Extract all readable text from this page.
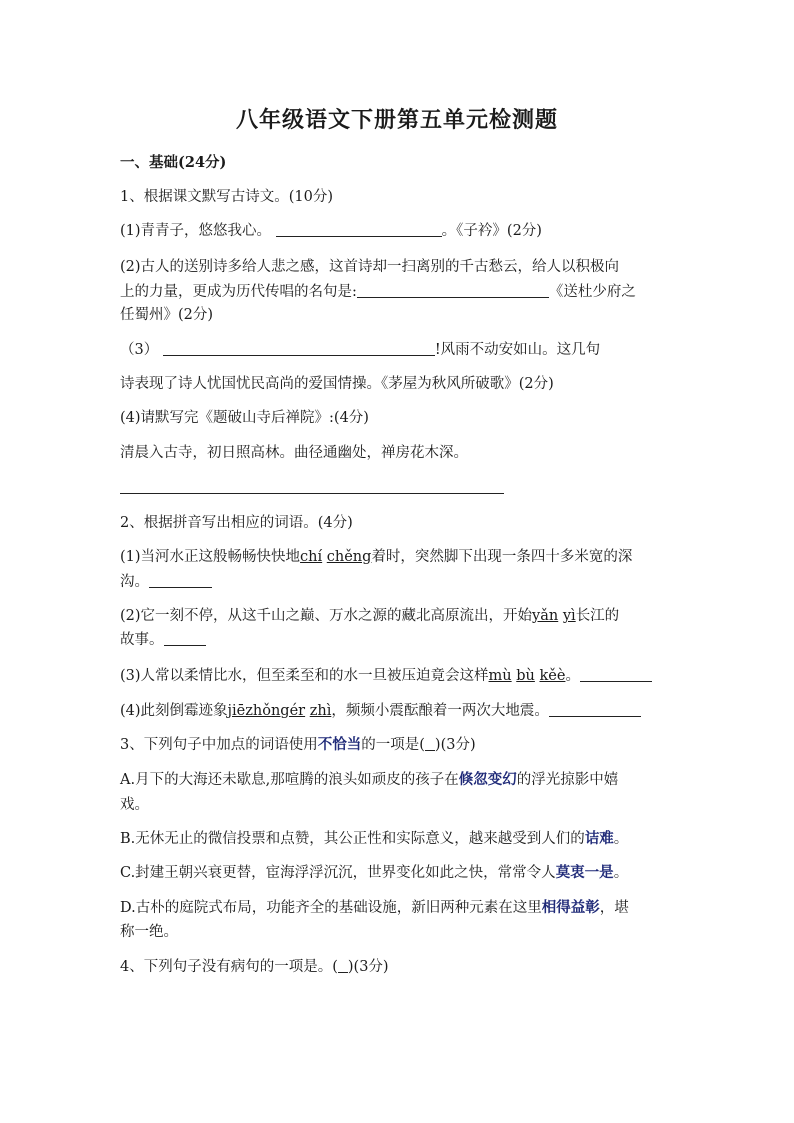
八年级语文下册第五单元检测题
一、基础(24分)
1、根据课文默写古诗文。(10分)
(1)青青子，悠悠我心。	。《子衿》(2分)
(2)古人的送别诗多给人悲之感，这首诗却一扫离别的千古愁云，给人以积极向
上的力量，更成为历代传唱的名句是:	《送杜少府之
任蜀州》(2分)
（3）	!风雨不动安如山。这几句
诗表现了诗人忧国忧民高尚的爱国情操。《茅屋为秋风所破歌》(2分)
(4)请默写完《题破山寺后禅院》:(4分)
清晨入古寺，初日照高林。曲径通幽处，禅房花木深。
2、根据拼音写出相应的词语。(4分)
(1)当河水正这般畅畅快快地chí chěng着时，突然脚下出现一条四十多米宽的深
沟。
(2)它一刻不停，从这千山之巅、万水之源的藏北高原流出，开始yǎn yì长江的
故事。
(3)人常以柔情比水，但至柔至和的水一旦被压迫竟会这样mù bù kěè。
(4)此刻倒霉迹象jiēzhǒngér zhì，频频小震酝酿着一两次大地震。
3、下列句子中加点的词语使用不恰当的一项是( )(3分)
A.月下的大海还未歇息,那喧腾的浪头如顽皮的孩子在倏忽变幻的浮光掠影中嬉
戏。
B.无休无止的微信投票和点赞，其公正性和实际意义，越来越受到人们的诘难。
C.封建王朝兴衰更替，宦海浮浮沉沉，世界变化如此之快，常常令人莫衷一是。
D.古朴的庭院式布局，功能齐全的基础设施，新旧两种元素在这里相得益彰，堪
称一绝。
4、下列句子没有病句的一项是。( )(3分)
